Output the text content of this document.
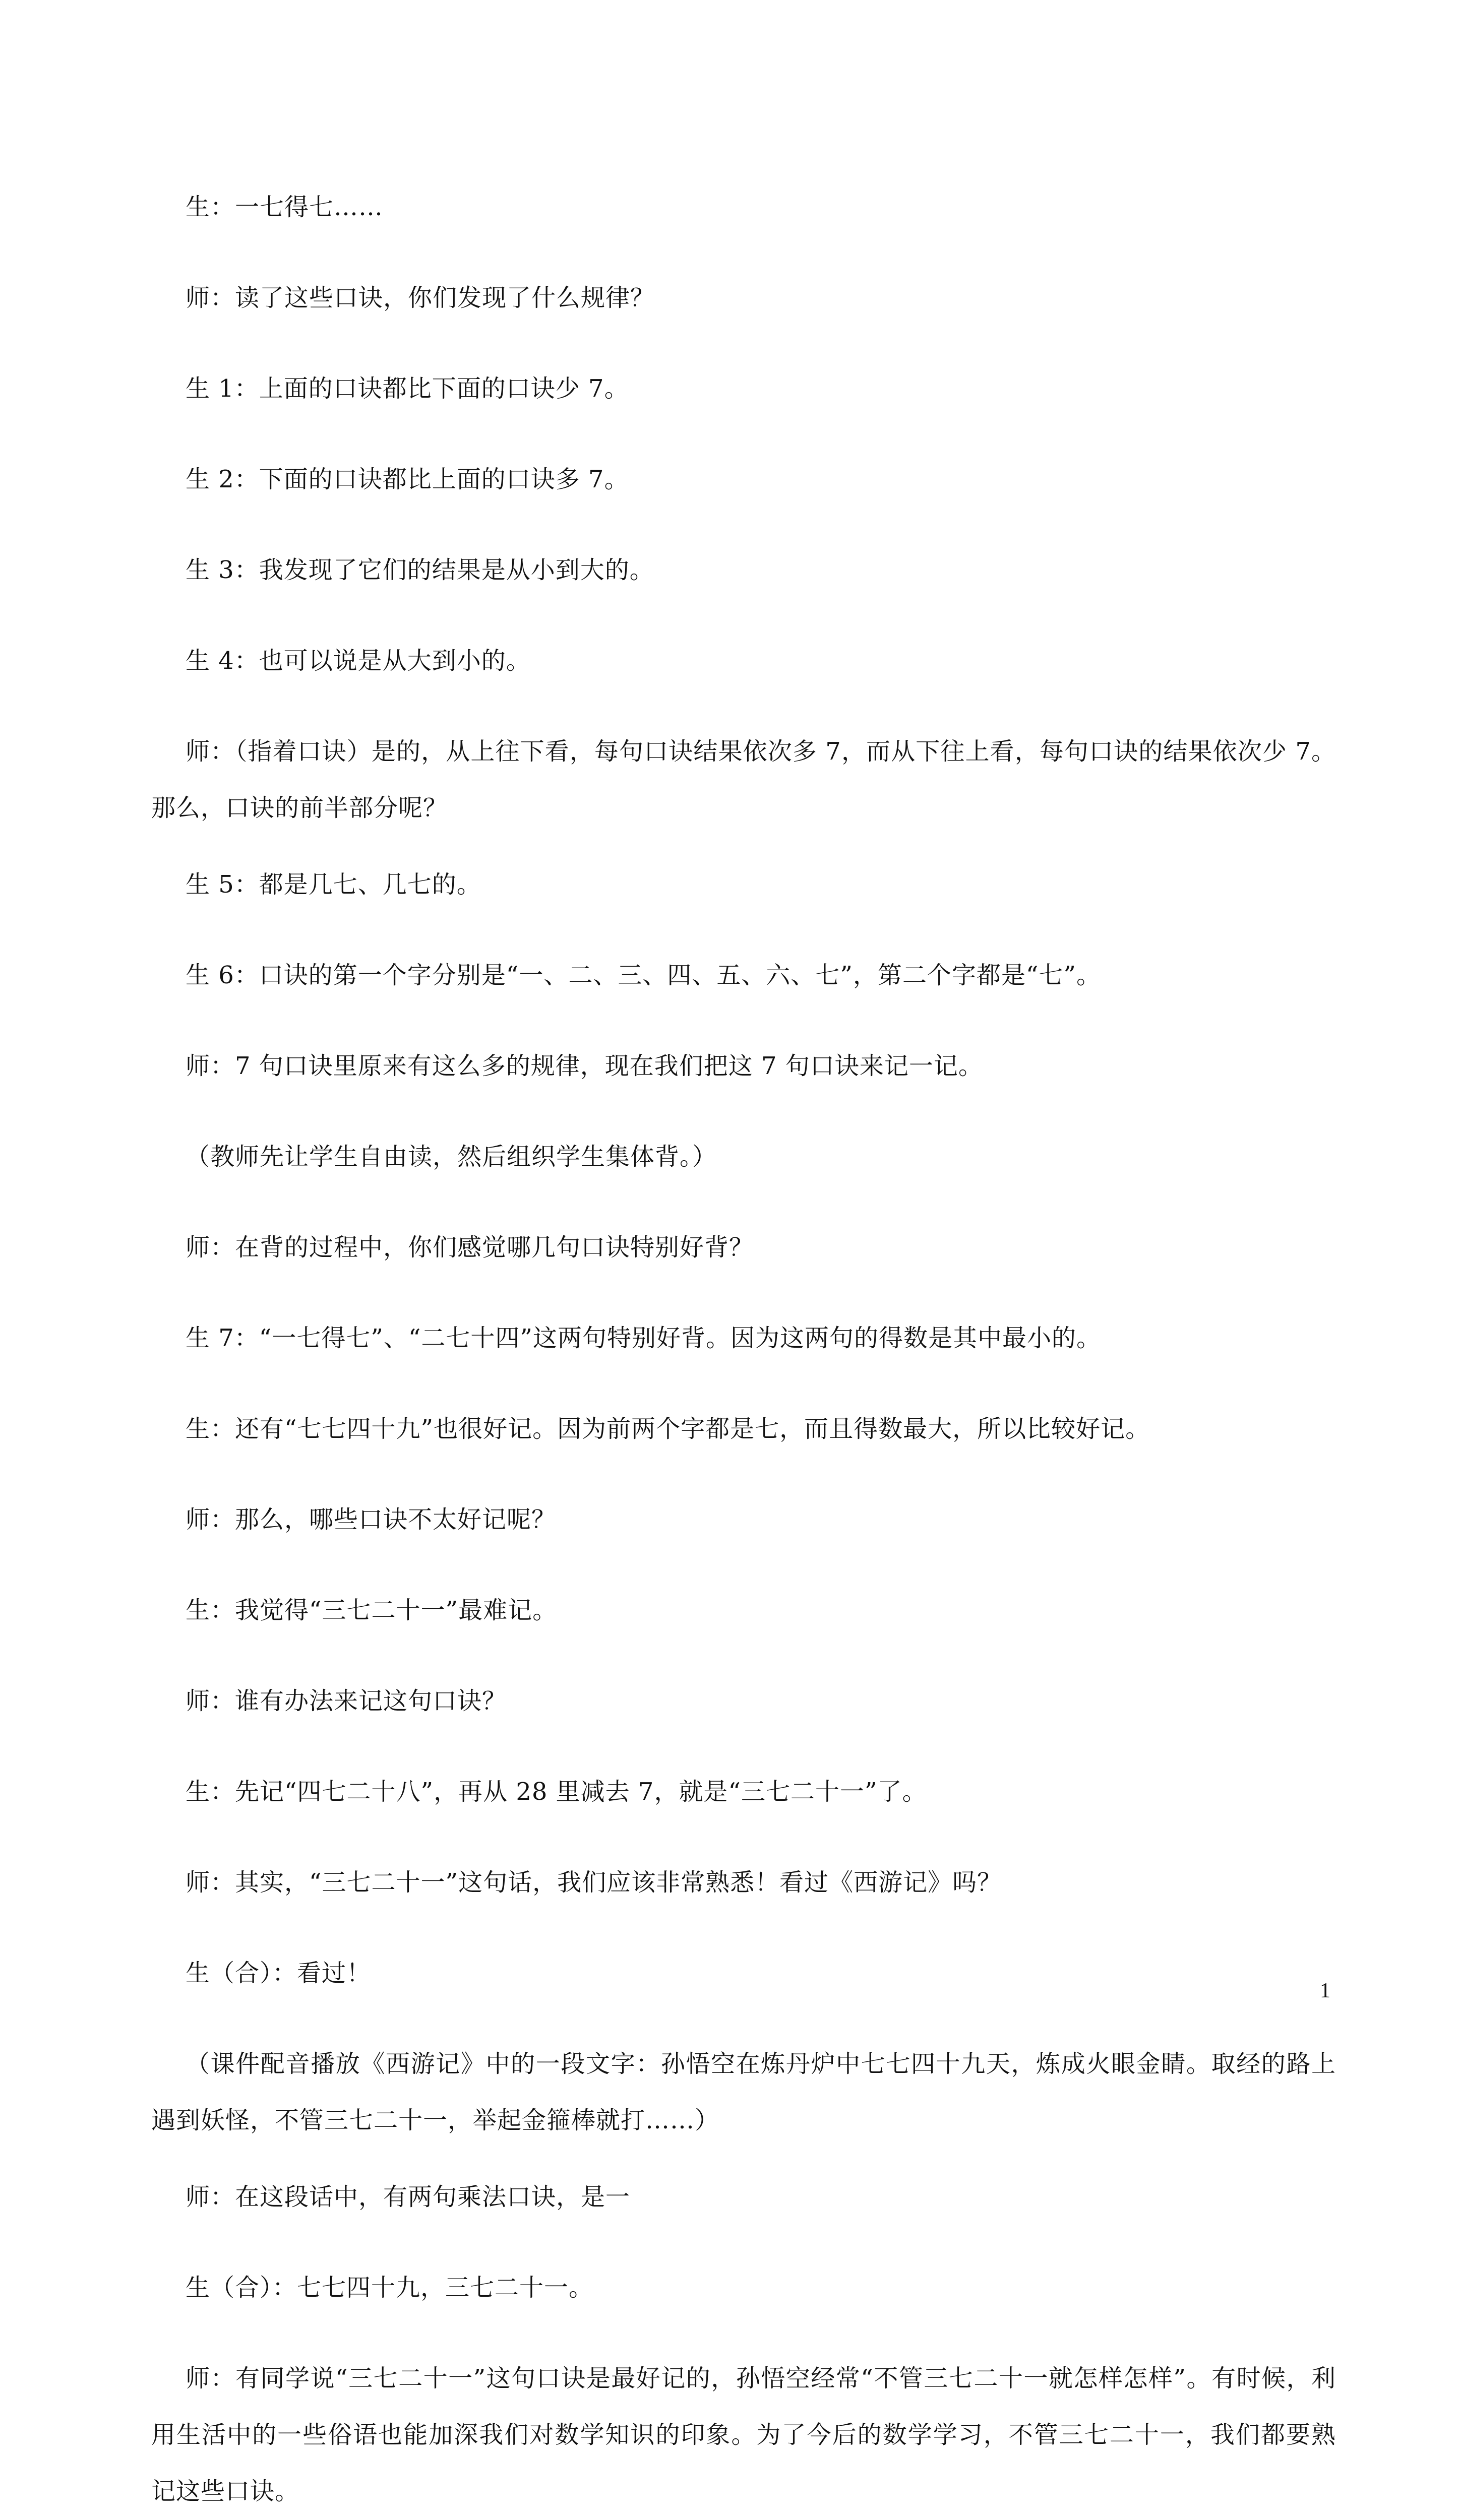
生：一七得七……

师：读了这些口诀，你们发现了什么规律？

生 1：上面的口诀都比下面的口诀少 7。

生 2：下面的口诀都比上面的口诀多 7。

生 3：我发现了它们的结果是从小到大的。

生 4：也可以说是从大到小的。

师：（指着口诀）是的，从上往下看，每句口诀结果依次多 7，而从下往上看，每句口诀的结果依次少 7。那么，口诀的前半部分呢？

生 5：都是几七、几七的。

生 6：口诀的第一个字分别是“一、二、三、四、五、六、七”，第二个字都是“七”。

师：7 句口诀里原来有这么多的规律，现在我们把这 7 句口诀来记一记。

（教师先让学生自由读，然后组织学生集体背。）

师：在背的过程中，你们感觉哪几句口诀特别好背？

生 7：“一七得七”、“二七十四”这两句特别好背。因为这两句的得数是其中最小的。

生：还有“七七四十九”也很好记。因为前两个字都是七，而且得数最大，所以比较好记。

师：那么，哪些口诀不太好记呢？

生：我觉得“三七二十一”最难记。

师：谁有办法来记这句口诀？

生：先记“四七二十八”，再从 28 里减去 7，就是“三七二十一”了。

师：其实，“三七二十一”这句话，我们应该非常熟悉！看过《西游记》吗？

生（合）：看过！

（课件配音播放《西游记》中的一段文字：孙悟空在炼丹炉中七七四十九天，炼成火眼金睛。取经的路上遇到妖怪，不管三七二十一，举起金箍棒就打……）

师：在这段话中，有两句乘法口诀，是一

生（合）：七七四十九，三七二十一。

师：有同学说“三七二十一”这句口诀是最好记的，孙悟空经常“不管三七二十一就怎样怎样”。有时候，利用生活中的一些俗语也能加深我们对数学知识的印象。为了今后的数学学习，不管三七二十一，我们都要熟记这些口诀。

1
